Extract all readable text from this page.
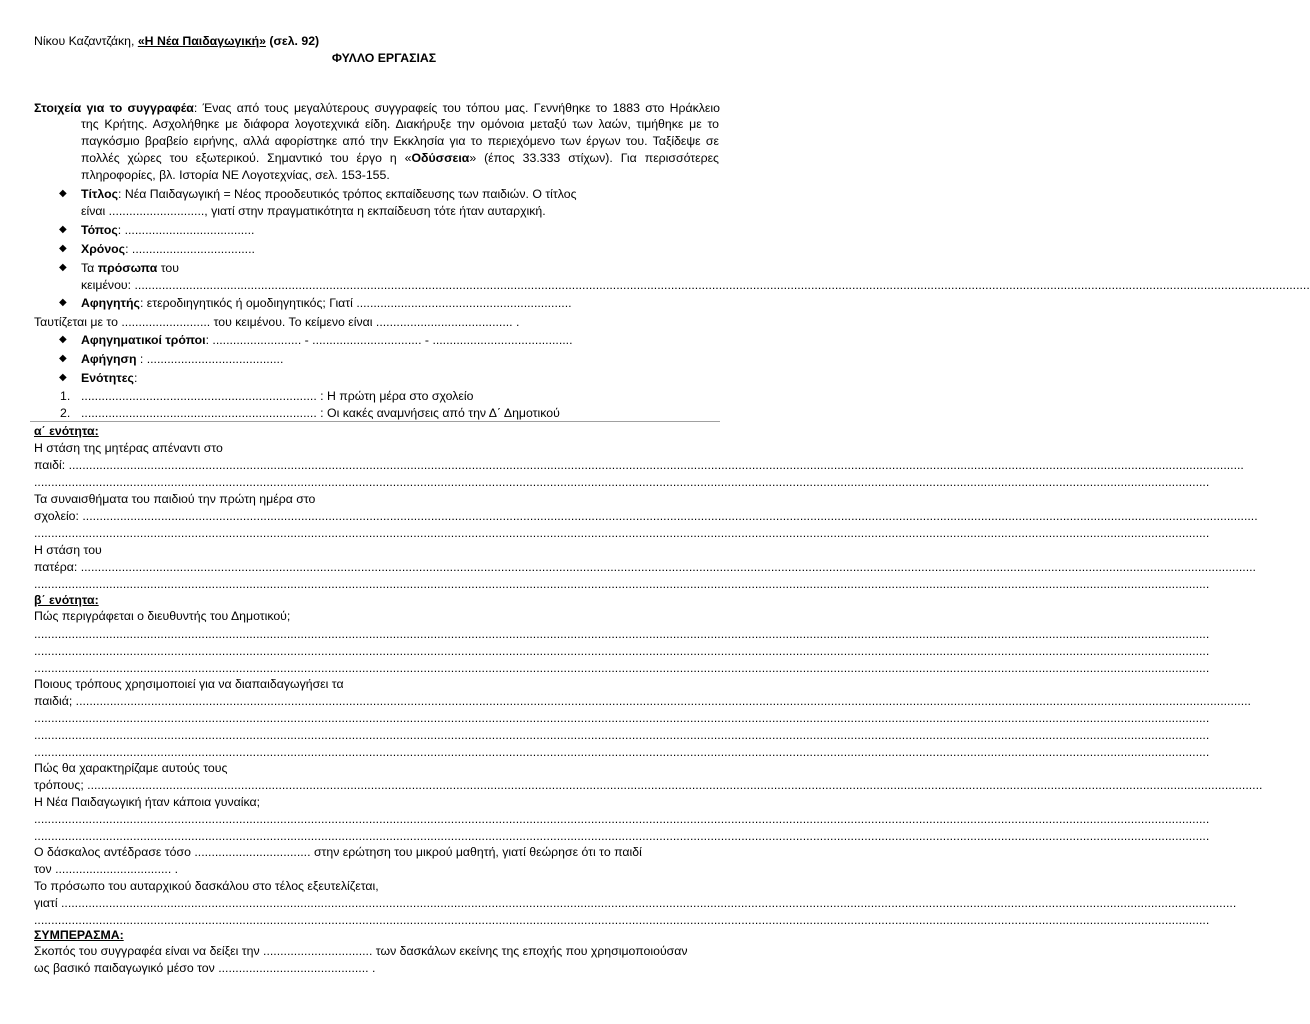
Νίκου Καζαντζάκη, «Η Νέα Παιδαγωγική» (σελ. 92)
ΦΥΛΛΟ ΕΡΓΑΣΙΑΣ
Στοιχεία για το συγγραφέα: Ένας από τους μεγαλύτερους συγγραφείς του τόπου μας. Γεννήθηκε το 1883 στο Ηράκλειο
της Κρήτης. Ασχολήθηκε με διάφορα λογοτεχνικά είδη. Διακήρυξε την ομόνοια μεταξύ των λαών, τιμήθηκε με το
παγκόσμιο βραβείο ειρήνης, αλλά αφορίστηκε από την Εκκλησία για το περιεχόμενο των έργων του. Ταξίδεψε σε
πολλές χώρες του εξωτερικού. Σημαντικό του έργο η «Οδύσσεια» (έπος 33.333 στίχων). Για περισσότερες
πληροφορίες, βλ. Ιστορία ΝΕ Λογοτεχνίας, σελ. 153-155.
◆ Τίτλος: Νέα Παιδαγωγική = Νέος προοδευτικός τρόπος εκπαίδευσης των παιδιών. Ο τίτλος
είναι ............................, γιατί στην πραγματικότητα η εκπαίδευση τότε ήταν αυταρχική.
◆ Τόπος: ......................................
◆ Χρόνος: ....................................
◆ Τα πρόσωπα του
κειμένου: ........................................................................................................................................................................................................................................................................................................................................................
◆ Αφηγητής: ετεροδιηγητικός ή ομοδιηγητικός; Γιατί ...............................................................
Ταυτίζεται με το .......................... του κειμένου. Το κείμενο είναι ........................................ .
◆ Αφηγηματικοί τρόποι: .......................... - ................................ - .........................................
◆ Αφήγηση : ........................................
◆ Ενότητες:
1. ..................................................................... : Η πρώτη μέρα στο σχολείο
2. ..................................................................... : Οι κακές αναμνήσεις από την Δ΄ Δημοτικού
α΄ ενότητα:
Η στάση της μητέρας απέναντι στο
παιδί: ........................................................................................................................................................................................................................................................................................................................................................
........................................................................................................................................................................................................................................................................................................................................................
Τα συναισθήματα του παιδιού την πρώτη ημέρα στο
σχολείο: ........................................................................................................................................................................................................................................................................................................................................................
........................................................................................................................................................................................................................................................................................................................................................
Η στάση του
πατέρα: ........................................................................................................................................................................................................................................................................................................................................................
........................................................................................................................................................................................................................................................................................................................................................
β΄ ενότητα:
Πώς περιγράφεται ο διευθυντής του Δημοτικού;
........................................................................................................................................................................................................................................................................................................................................................
........................................................................................................................................................................................................................................................................................................................................................
........................................................................................................................................................................................................................................................................................................................................................
Ποιους τρόπους χρησιμοποιεί για να διαπαιδαγωγήσει τα
παιδιά; ........................................................................................................................................................................................................................................................................................................................................................
........................................................................................................................................................................................................................................................................................................................................................
........................................................................................................................................................................................................................................................................................................................................................
........................................................................................................................................................................................................................................................................................................................................................
Πώς θα χαρακτηρίζαμε αυτούς τους
τρόπους; ........................................................................................................................................................................................................................................................................................................................................................
Η Νέα Παιδαγωγική ήταν κάποια γυναίκα;
........................................................................................................................................................................................................................................................................................................................................................
........................................................................................................................................................................................................................................................................................................................................................
Ο δάσκαλος αντέδρασε τόσο .................................. στην ερώτηση του μικρού μαθητή, γιατί θεώρησε ότι το παιδί
τον .................................. .
Το πρόσωπο του αυταρχικού δασκάλου στο τέλος εξευτελίζεται,
γιατί ........................................................................................................................................................................................................................................................................................................................................................
........................................................................................................................................................................................................................................................................................................................................................
ΣΥΜΠΕΡΑΣΜΑ:
Σκοπός του συγγραφέα είναι να δείξει την ................................ των δασκάλων εκείνης της εποχής που χρησιμοποιούσαν
ως βασικό παιδαγωγικό μέσο τον ............................................ .
